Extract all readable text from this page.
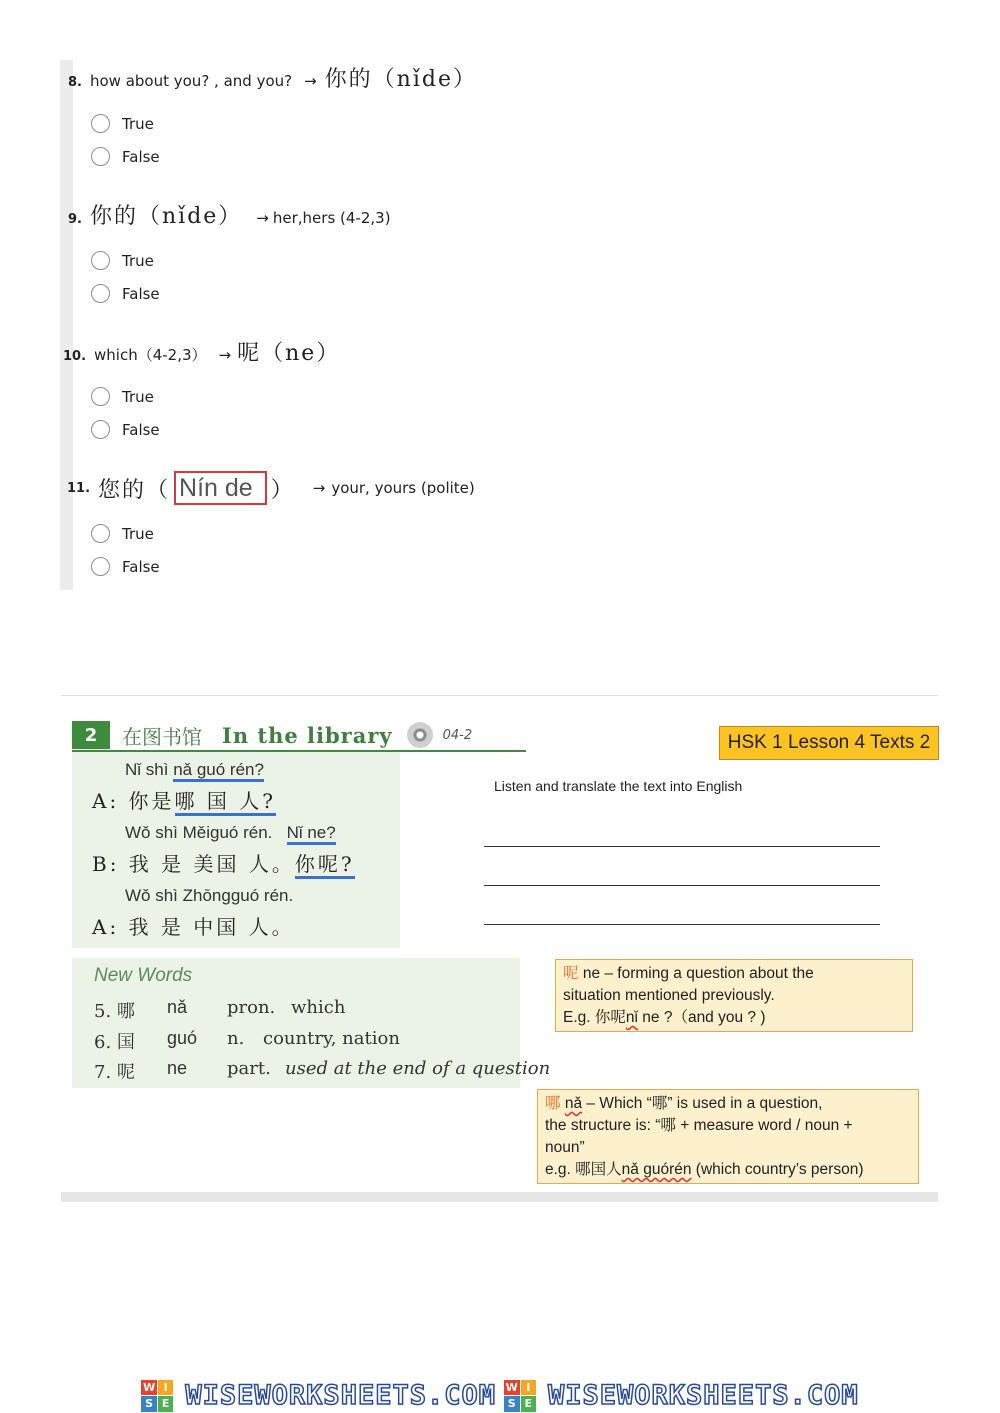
8. how about you? , and you? → 你的（nǐde）
True
False
9. 你的（nǐde） → her,hers (4-2,3)
True
False
10. which（4-2,3） → 呢（ne）
True
False
11. 您的（ Nín de ） → your, yours (polite)
True
False
2	在图书馆 In the library	04-2
Nǐ shì nǎ guó rén?
A: 你是哪 国 人?
Wǒ shì Měiguó rén. Nǐ ne?
B: 我 是 美国 人。你呢?
Wǒ shì Zhōngguó rén.
A: 我 是 中国 人。
New Words
5. 哪 nǎ pron. which
6. 国 guó n. country, nation
7. 呢 ne part. used at the end of a question
HSK 1 Lesson 4 Texts 2
Listen and translate the text into English
呢 ne – forming a question about the
situation mentioned previously.
E.g. 你呢nǐ ne ?（and you ? )
哪 nǎ – Which “哪” is used in a question,
the structure is: “哪 + measure word / noun +
noun”
e.g. 哪国人nǎ guórén (which country’s person)
W I
S E WISEWORKSHEETS.COM W I
S E WISEWORKSHEETS.COM
